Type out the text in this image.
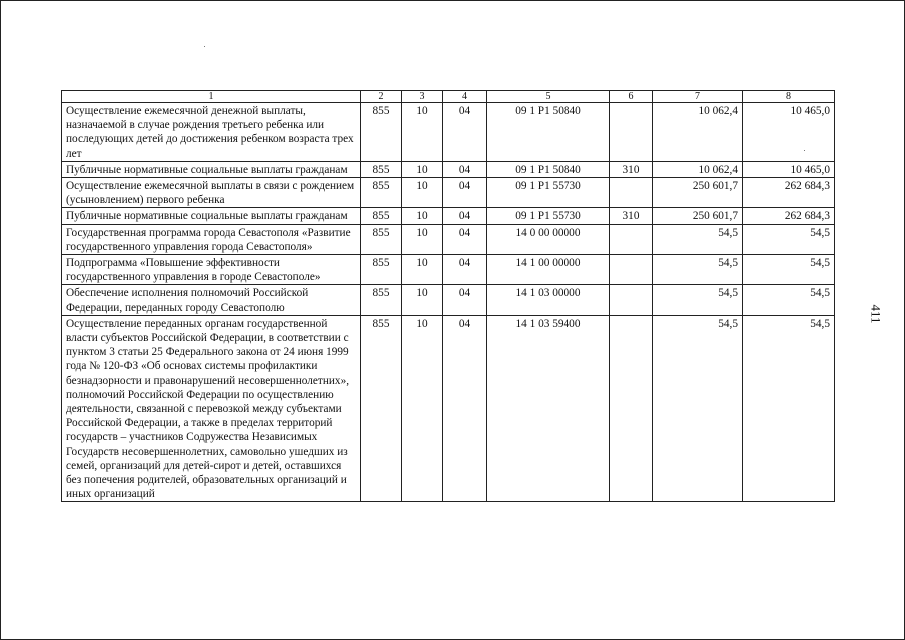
1	2	3	4	5	6	7	8
Осуществление ежемесячной денежной выплаты, назначаемой в случае рождения третьего ребенка или последующих детей до достижения ребенком возраста трех лет	855	10	04	09 1 Р1 50840		10 062,4	10 465,0
Публичные нормативные социальные выплаты гражданам	855	10	04	09 1 Р1 50840	310	10 062,4	10 465,0
Осуществление ежемесячной выплаты в связи с рождением (усыновлением) первого ребенка	855	10	04	09 1 Р1 55730		250 601,7	262 684,3
Публичные нормативные социальные выплаты гражданам	855	10	04	09 1 Р1 55730	310	250 601,7	262 684,3
Государственная программа города Севастополя «Развитие государственного управления города Севастополя»	855	10	04	14 0 00 00000		54,5	54,5
Подпрограмма «Повышение эффективности государственного управления в городе Севастополе»	855	10	04	14 1 00 00000		54,5	54,5
Обеспечение исполнения полномочий Российской Федерации, переданных городу Севастополю	855	10	04	14 1 03 00000		54,5	54,5
Осуществление переданных органам государственной власти субъектов Российской Федерации, в соответствии с пунктом 3 статьи 25 Федерального закона от 24 июня 1999 года № 120-ФЗ «Об основах системы профилактики безнадзорности и правонарушений несовершеннолетних», полномочий Российской Федерации по осуществлению деятельности, связанной с перевозкой между субъектами Российской Федерации, а также в пределах территорий государств – участников Содружества Независимых Государств несовершеннолетних, самовольно ушедших из семей, организаций для детей-сирот и детей, оставшихся без попечения родителей, образовательных организаций и иных организаций	855	10	04	14 1 03 59400		54,5	54,5
411
